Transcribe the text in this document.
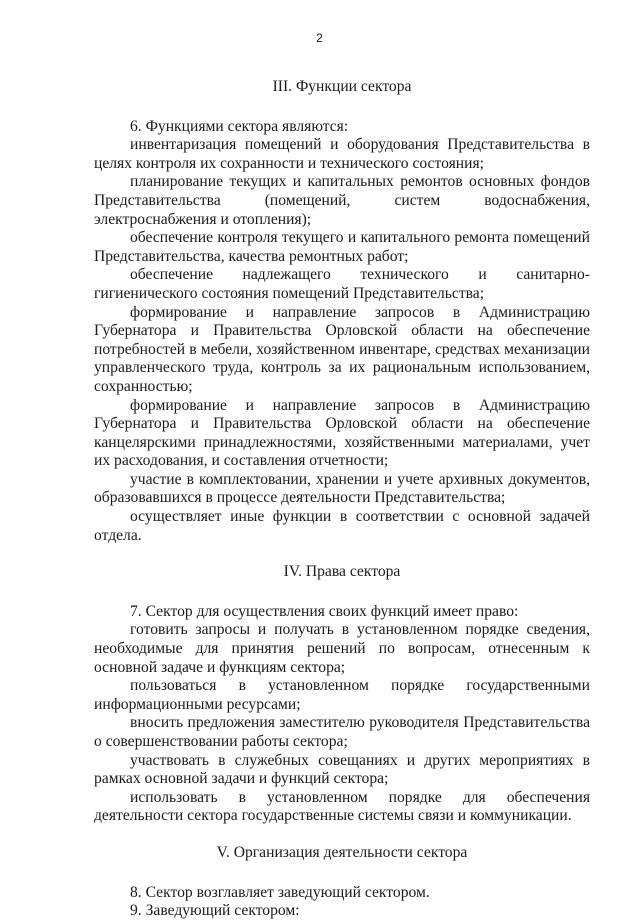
2
III. Функции сектора

6. Функциями сектора являются:

инвентаризация помещений и оборудования Представительства в целях контроля их сохранности и технического состояния;

планирование текущих и капитальных ремонтов основных фондов Представительства (помещений, систем водоснабжения, электроснабжения и отопления);

обеспечение контроля текущего и капитального ремонта помещений Представительства, качества ремонтных работ;

обеспечение надлежащего технического и санитарно-гигиенического состояния помещений Представительства;

формирование и направление запросов в Администрацию Губернатора и Правительства Орловской области на обеспечение потребностей в мебели, хозяйственном инвентаре, средствах механизации управленческого труда, контроль за их рациональным использованием, сохранностью;

формирование и направление запросов в Администрацию Губернатора и Правительства Орловской области на обеспечение канцелярскими принадлежностями, хозяйственными материалами, учет их расходования, и составления отчетности;

участие в комплектовании, хранении и учете архивных документов, образовавшихся в процессе деятельности Представительства;

осуществляет иные функции в соответствии с основной задачей отдела.

IV. Права сектора

7. Сектор для осуществления своих функций имеет право:

готовить запросы и получать в установленном порядке сведения, необходимые для принятия решений по вопросам, отнесенным к основной задаче и функциям сектора;

пользоваться в установленном порядке государственными информационными ресурсами;

вносить предложения заместителю руководителя Представительства о совершенствовании работы сектора;

участвовать в служебных совещаниях и других мероприятиях в рамках основной задачи и функций сектора;

использовать в установленном порядке для обеспечения деятельности сектора государственные системы связи и коммуникации.

V. Организация деятельности сектора

8. Сектор возглавляет заведующий сектором.

9. Заведующий сектором:
